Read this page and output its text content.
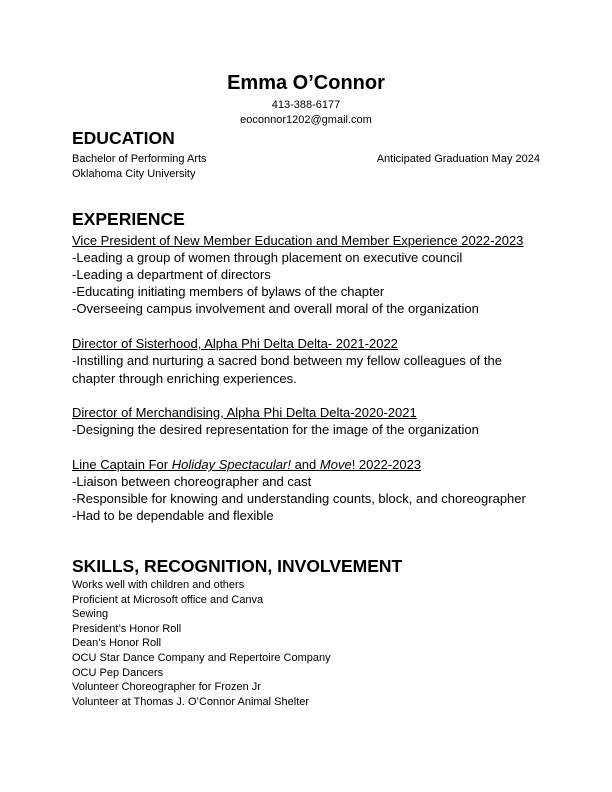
Emma O’Connor
413-388-6177
eoconnor1202@gmail.com
EDUCATION
Bachelor of Performing Arts	Anticipated Graduation May 2024
Oklahoma City University
EXPERIENCE
Vice President of New Member Education and Member Experience 2022-2023
-Leading a group of women through placement on executive council
-Leading a department of directors
-Educating initiating members of bylaws of the chapter
-Overseeing campus involvement and overall moral of the organization
Director of Sisterhood, Alpha Phi Delta Delta- 2021-2022
-Instilling and nurturing a sacred bond between my fellow colleagues of the chapter through enriching experiences.
Director of Merchandising, Alpha Phi Delta Delta-2020-2021
-Designing the desired representation for the image of the organization
Line Captain For Holiday Spectacular! and Move! 2022-2023
-Liaison between choreographer and cast
-Responsible for knowing and understanding counts, block, and choreographer
-Had to be dependable and flexible
SKILLS, RECOGNITION, INVOLVEMENT
Works well with children and others
Proficient at Microsoft office and Canva
Sewing
President’s Honor Roll
Dean’s Honor Roll
OCU Star Dance Company and Repertoire Company
OCU Pep Dancers
Volunteer Choreographer for Frozen Jr
Volunteer at Thomas J. O’Connor Animal Shelter
